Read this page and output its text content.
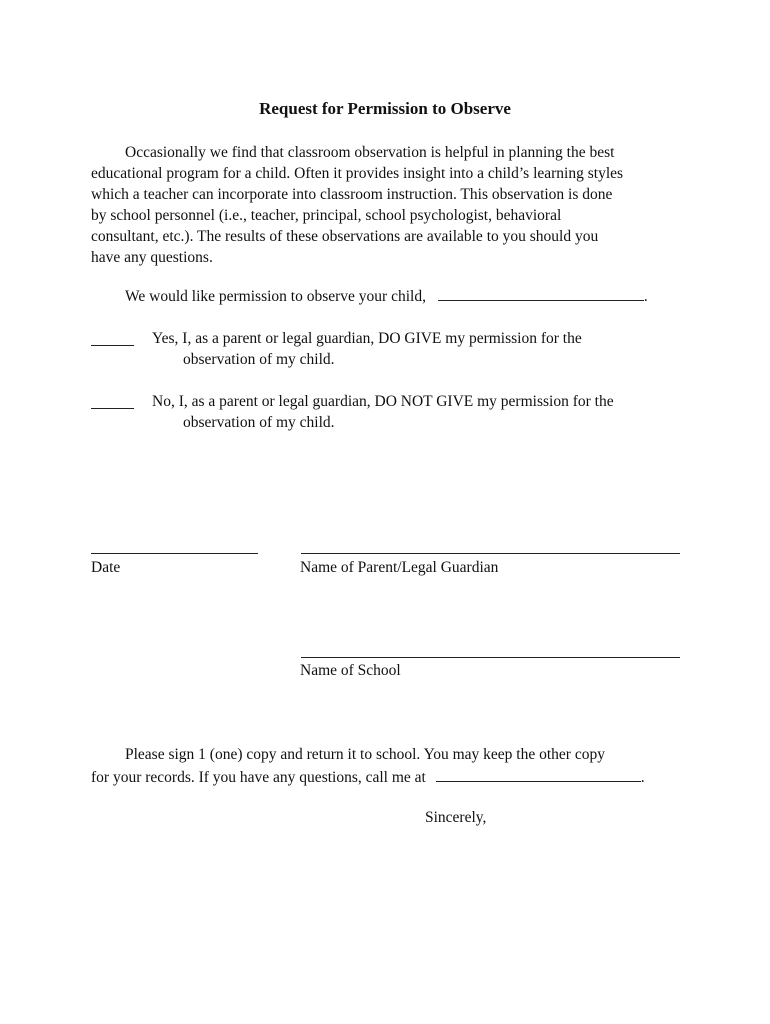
Request for Permission to Observe
Occasionally we find that classroom observation is helpful in planning the best
educational program for a child. Often it provides insight into a child’s learning styles
which a teacher can incorporate into classroom instruction. This observation is done
by school personnel (i.e., teacher, principal, school psychologist, behavioral
consultant, etc.). The results of these observations are available to you should you
have any questions.
We would like permission to observe your child,	.
Yes, I, as a parent or legal guardian, DO GIVE my permission for the
observation of my child.
No, I, as a parent or legal guardian, DO NOT GIVE my permission for the
observation of my child.
Date	Name of Parent/Legal Guardian
Name of School
Please sign 1 (one) copy and return it to school. You may keep the other copy
for your records. If you have any questions, call me at	.
Sincerely,
